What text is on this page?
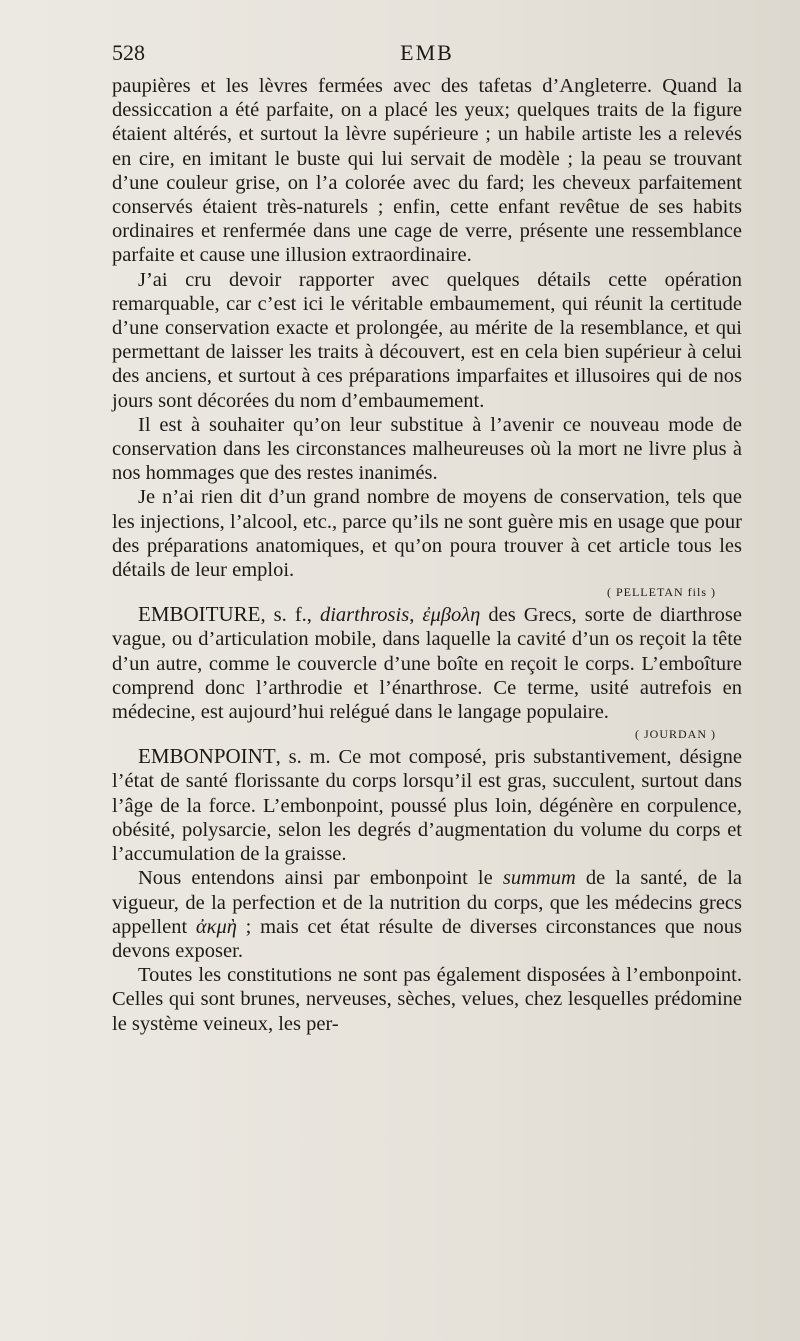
528	EMB

paupières et les lèvres fermées avec des tafetas d’Angleterre. Quand la dessiccation a été parfaite, on a placé les yeux; quelques traits de la figure étaient altérés, et surtout la lèvre supérieure ; un habile artiste les a relevés en cire, en imitant le buste qui lui servait de modèle ; la peau se trouvant d’une couleur grise, on l’a colorée avec du fard; les cheveux parfaitement conservés étaient très-naturels ; enfin, cette enfant revêtue de ses habits ordinaires et renfermée dans une cage de verre, présente une ressemblance parfaite et cause une illusion extraordinaire.

J’ai cru devoir rapporter avec quelques détails cette opération remarquable, car c’est ici le véritable embaumement, qui réunit la certitude d’une conservation exacte et prolongée, au mérite de la resemblance, et qui permettant de laisser les traits à découvert, est en cela bien supérieur à celui des anciens, et surtout à ces préparations imparfaites et illusoires qui de nos jours sont décorées du nom d’embaumement.

Il est à souhaiter qu’on leur substitue à l’avenir ce nouveau mode de conservation dans les circonstances malheureuses où la mort ne livre plus à nos hommages que des restes inanimés.

Je n’ai rien dit d’un grand nombre de moyens de conservation, tels que les injections, l’alcool, etc., parce qu’ils ne sont guère mis en usage que pour des préparations anatomiques, et qu’on poura trouver à cet article tous les détails de leur emploi.

( PELLETAN fils )

EMBOITURE, s. f., diarthrosis, ἐμβολη des Grecs, sorte de diarthrose vague, ou d’articulation mobile, dans laquelle la cavité d’un os reçoit la tête d’un autre, comme le couvercle d’une boîte en reçoit le corps. L’emboîture comprend donc l’arthrodie et l’énarthrose. Ce terme, usité autrefois en médecine, est aujourd’hui relégué dans le langage populaire.

( JOURDAN )

EMBONPOINT, s. m. Ce mot composé, pris substantivement, désigne l’état de santé florissante du corps lorsqu’il est gras, succulent, surtout dans l’âge de la force. L’embonpoint, poussé plus loin, dégénère en corpulence, obésité, polysarcie, selon les degrés d’augmentation du volume du corps et l’accumulation de la graisse.

Nous entendons ainsi par embonpoint le summum de la santé, de la vigueur, de la perfection et de la nutrition du corps, que les médecins grecs appellent ἀκμὴ ; mais cet état résulte de diverses circonstances que nous devons exposer.

Toutes les constitutions ne sont pas également disposées à l’embonpoint. Celles qui sont brunes, nerveuses, sèches, velues, chez lesquelles prédomine le système veineux, les per-
